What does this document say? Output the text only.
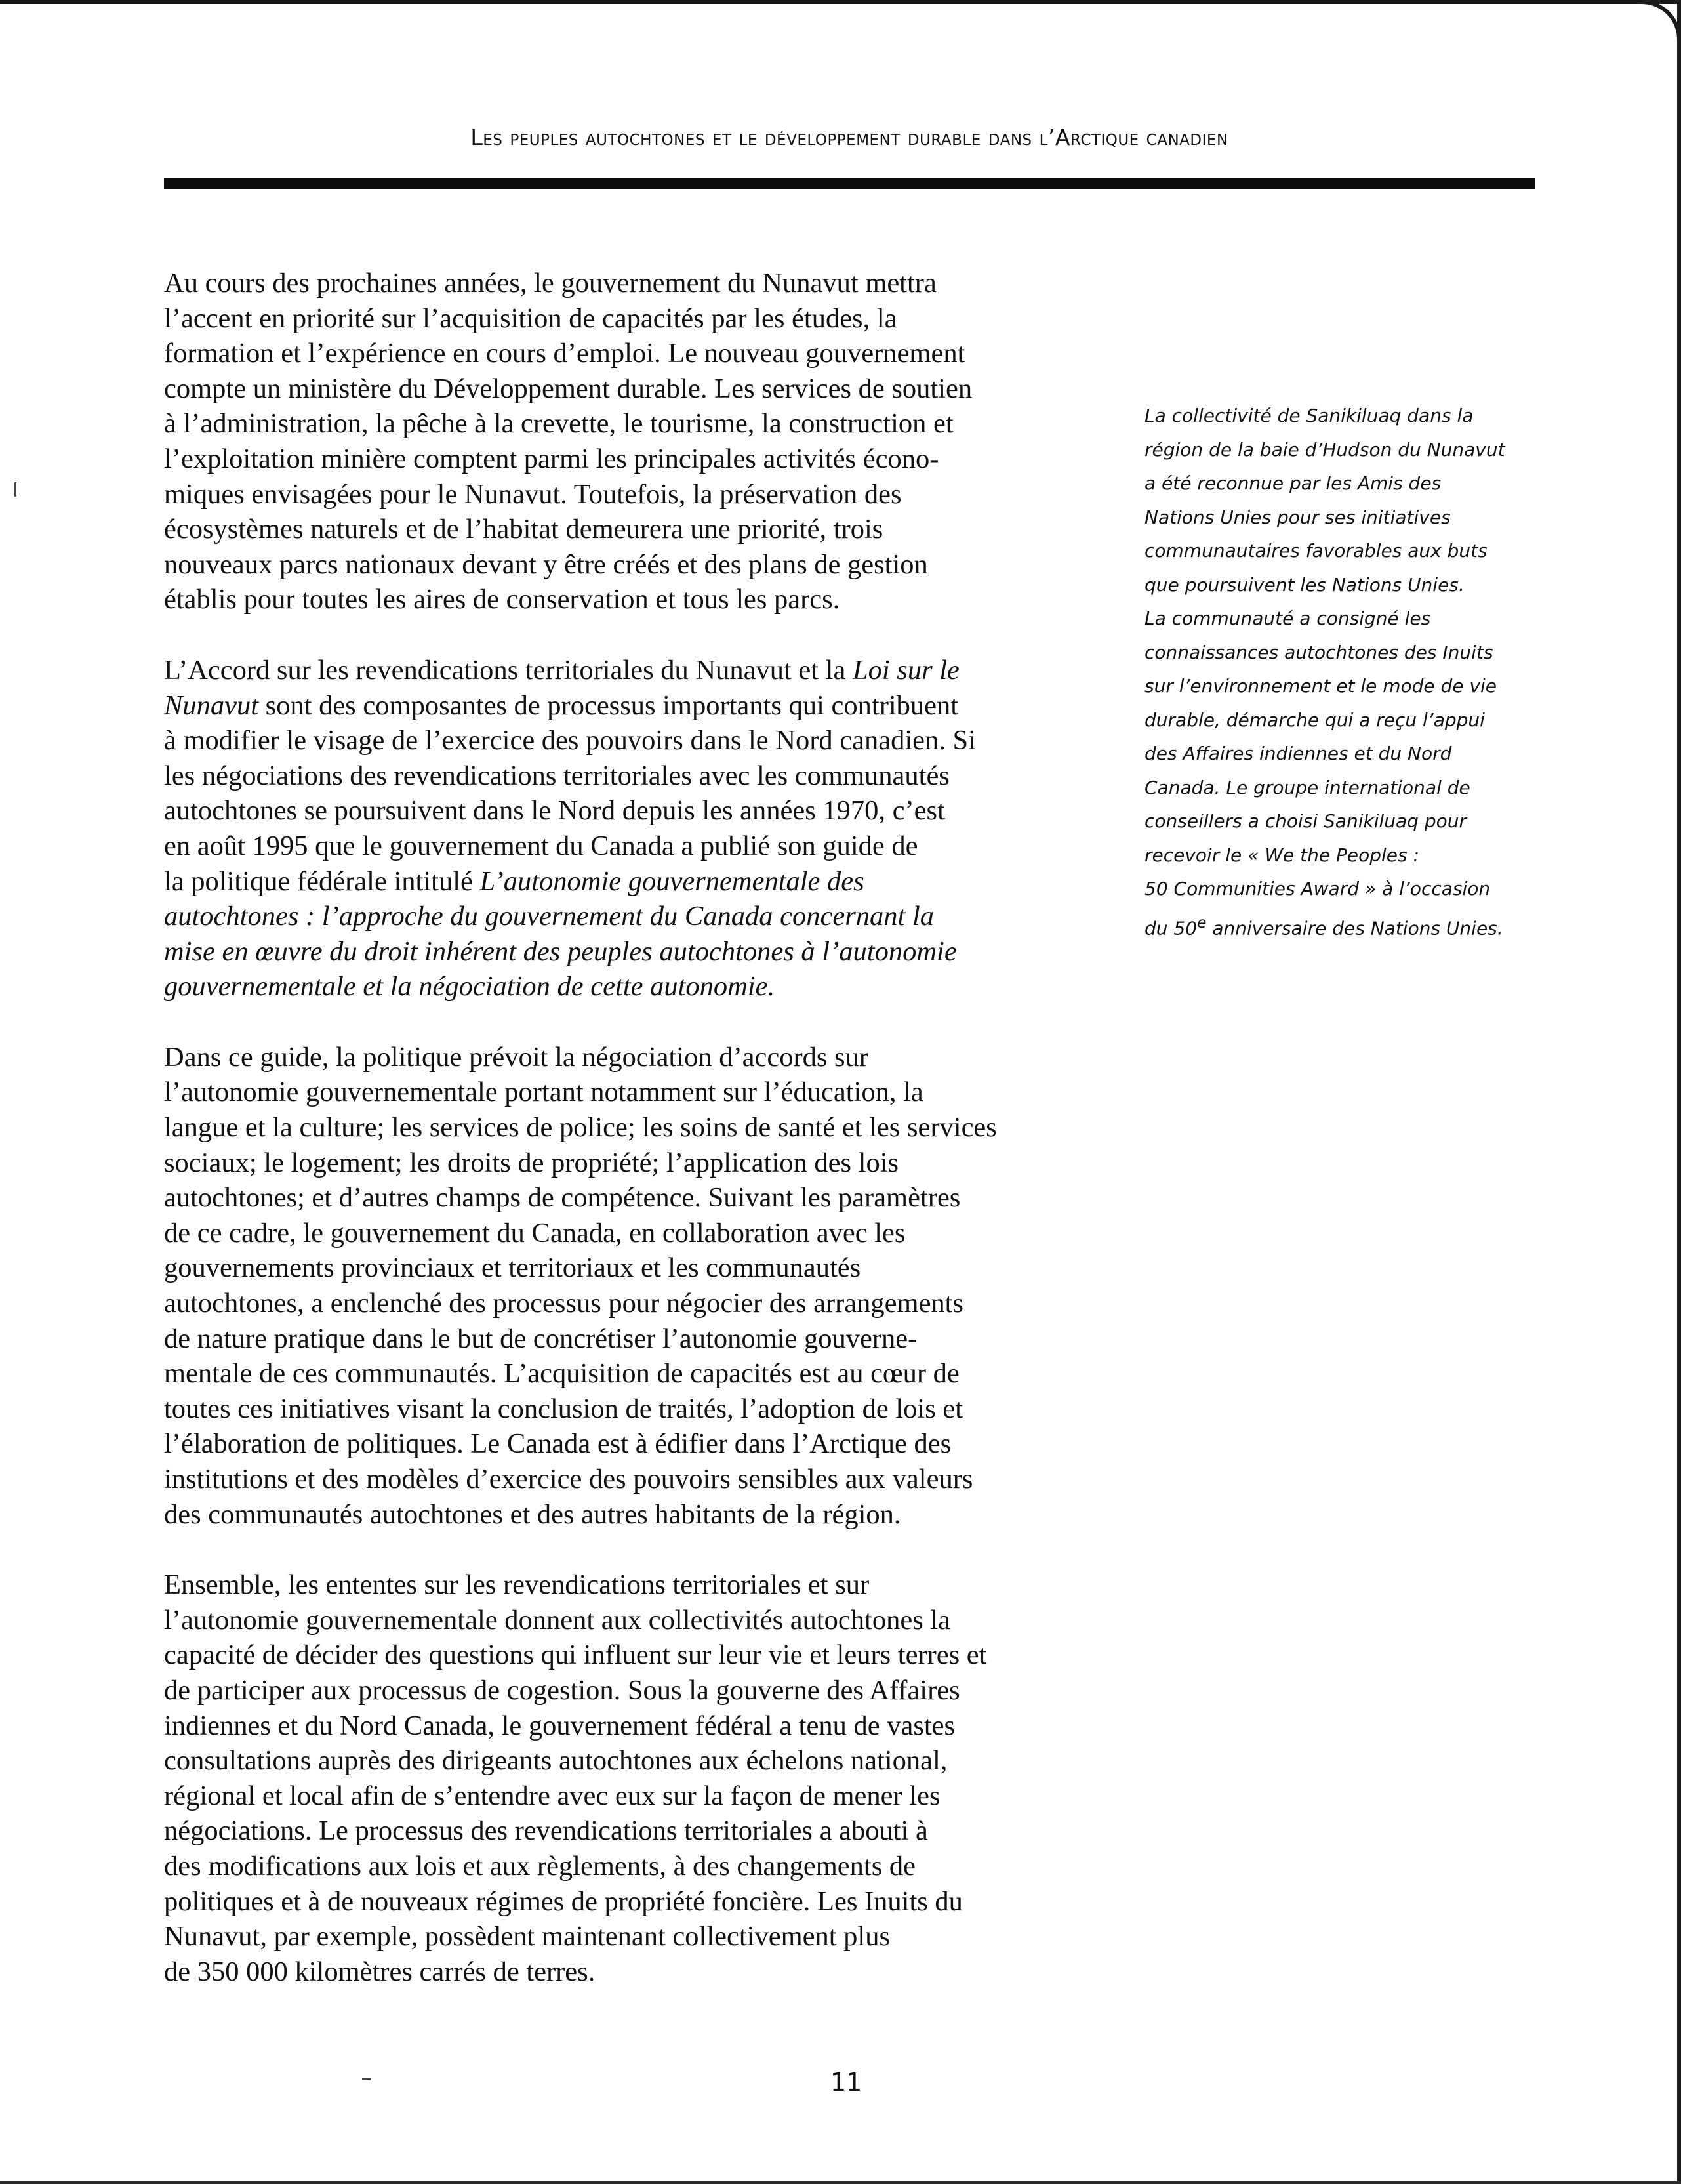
Les peuples autochtones et le développement durable dans l’Arctique canadien

Au cours des prochaines années, le gouvernement du Nunavut mettra
l’accent en priorité sur l’acquisition de capacités par les études, la
formation et l’expérience en cours d’emploi. Le nouveau gouvernement
compte un ministère du Développement durable. Les services de soutien
à l’administration, la pêche à la crevette, le tourisme, la construction et
l’exploitation minière comptent parmi les principales activités écono-
miques envisagées pour le Nunavut. Toutefois, la préservation des
écosystèmes naturels et de l’habitat demeurera une priorité, trois
nouveaux parcs nationaux devant y être créés et des plans de gestion
établis pour toutes les aires de conservation et tous les parcs.

L’Accord sur les revendications territoriales du Nunavut et la Loi sur le
Nunavut sont des composantes de processus importants qui contribuent
à modifier le visage de l’exercice des pouvoirs dans le Nord canadien. Si
les négociations des revendications territoriales avec les communautés
autochtones se poursuivent dans le Nord depuis les années 1970, c’est
en août 1995 que le gouvernement du Canada a publié son guide de
la politique fédérale intitulé L’autonomie gouvernementale des
autochtones : l’approche du gouvernement du Canada concernant la
mise en œuvre du droit inhérent des peuples autochtones à l’autonomie
gouvernementale et la négociation de cette autonomie.

Dans ce guide, la politique prévoit la négociation d’accords sur
l’autonomie gouvernementale portant notamment sur l’éducation, la
langue et la culture; les services de police; les soins de santé et les services
sociaux; le logement; les droits de propriété; l’application des lois
autochtones; et d’autres champs de compétence. Suivant les paramètres
de ce cadre, le gouvernement du Canada, en collaboration avec les
gouvernements provinciaux et territoriaux et les communautés
autochtones, a enclenché des processus pour négocier des arrangements
de nature pratique dans le but de concrétiser l’autonomie gouverne-
mentale de ces communautés. L’acquisition de capacités est au cœur de
toutes ces initiatives visant la conclusion de traités, l’adoption de lois et
l’élaboration de politiques. Le Canada est à édifier dans l’Arctique des
institutions et des modèles d’exercice des pouvoirs sensibles aux valeurs
des communautés autochtones et des autres habitants de la région.

Ensemble, les ententes sur les revendications territoriales et sur
l’autonomie gouvernementale donnent aux collectivités autochtones la
capacité de décider des questions qui influent sur leur vie et leurs terres et
de participer aux processus de cogestion. Sous la gouverne des Affaires
indiennes et du Nord Canada, le gouvernement fédéral a tenu de vastes
consultations auprès des dirigeants autochtones aux échelons national,
régional et local afin de s’entendre avec eux sur la façon de mener les
négociations. Le processus des revendications territoriales a abouti à
des modifications aux lois et aux règlements, à des changements de
politiques et à de nouveaux régimes de propriété foncière. Les Inuits du
Nunavut, par exemple, possèdent maintenant collectivement plus
de 350 000 kilomètres carrés de terres.

La collectivité de Sanikiluaq dans la
région de la baie d’Hudson du Nunavut
a été reconnue par les Amis des
Nations Unies pour ses initiatives
communautaires favorables aux buts
que poursuivent les Nations Unies.
La communauté a consigné les
connaissances autochtones des Inuits
sur l’environnement et le mode de vie
durable, démarche qui a reçu l’appui
des Affaires indiennes et du Nord
Canada. Le groupe international de
conseillers a choisi Sanikiluaq pour
recevoir le « We the Peoples :
50 Communities Award » à l’occasion
du 50e anniversaire des Nations Unies.
11
